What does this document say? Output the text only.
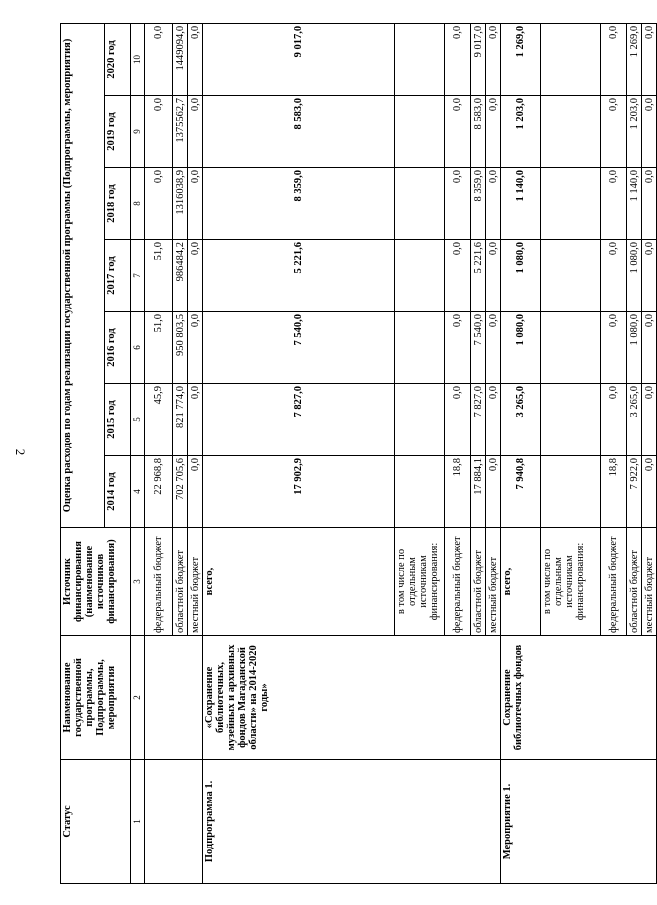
2
Статус	Наименование государственной программы, Подпрограммы, мероприятия	Источник финансирования (наименование источников финансирования)	Оценка расходов по годам реализации государственной программы (Подпрограммы, мероприятия)						
			2014 год	2015 год	2016 год	2017 год	2018 год	2019 год	2020 год
1	2	3	4	5	6	7	8	9	10
		федеральный бюджет	22 968,8	45,9	51,0	51,0	0,0	0,0	0,0
		областной бюджет	702 705,6	821 774,0	950 803,5	986484,2	1316038,9	1375562,7	1449094,0
		местный бюджет	0,0	0,0	0,0	0,0	0,0	0,0	0,0
Подпрограмма 1.	«Сохранение библиотечных, музейных и архивных фондов Магаданской области» на 2014-2020 годы»	всего,	17 902,9	7 827,0	7 540,0	5 221,6	8 359,0	8 583,0	9 017,0
		в том числе по отдельным источникам финансирования:							
		федеральный бюджет	18,8	0,0	0,0	0,0	0,0	0,0	0,0
		областной бюджет	17 884,1	7 827,0	7 540,0	5 221,6	8 359,0	8 583,0	9 017,0
		местный бюджет	0,0	0,0	0,0	0,0	0,0	0,0	0,0
Мероприятие 1.	Сохранение библиотечных фондов	всего,	7 940,8	3 265,0	1 080,0	1 080,0	1 140,0	1 203,0	1 269,0
		в том числе по отдельным источникам финансирования:							
		федеральный бюджет	18,8	0,0	0,0	0,0	0,0	0,0	0,0
		областной бюджет	7 922,0	3 265,0	1 080,0	1 080,0	1 140,0	1 203,0	1 269,0
		местный бюджет	0,0	0,0	0,0	0,0	0,0	0,0	0,0
